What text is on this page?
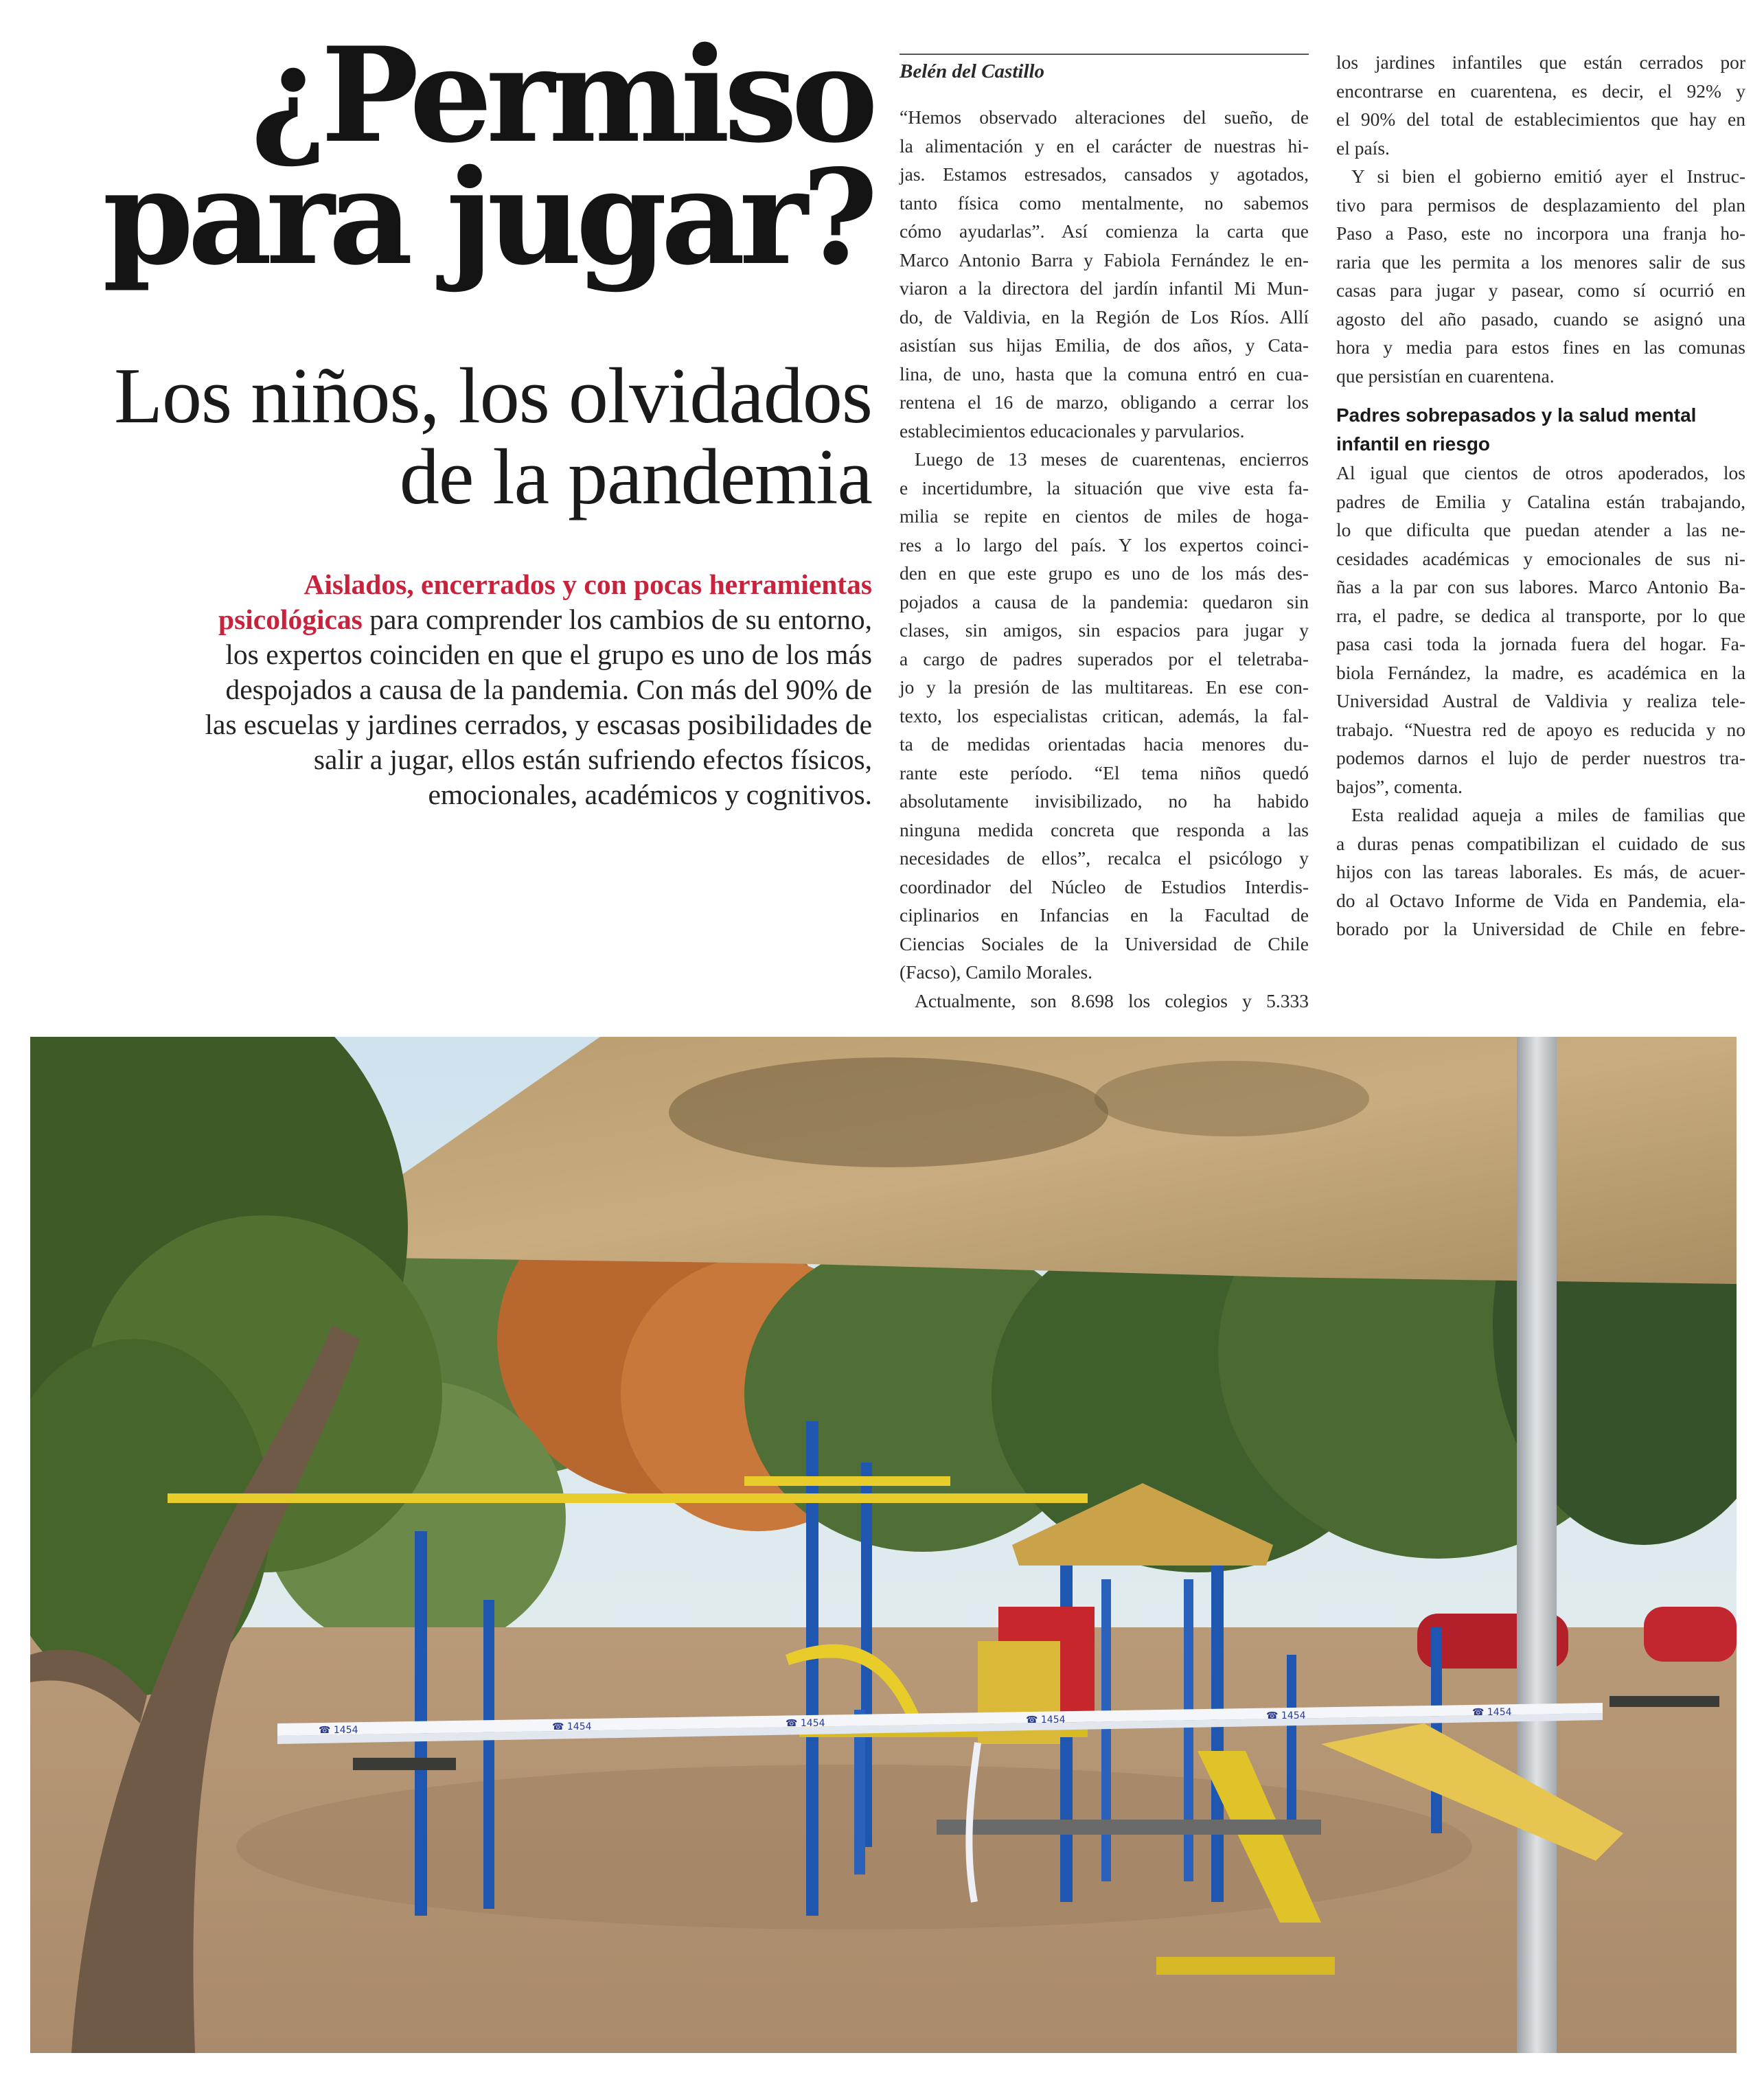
¿Permiso
para jugar?
Los niños, los olvidados
de la pandemia

Aislados, encerrados y con pocas herramientas
psicológicas para comprender los cambios de su entorno,
los expertos coinciden en que el grupo es uno de los más
despojados a causa de la pandemia. Con más del 90% de
las escuelas y jardines cerrados, y escasas posibilidades de
salir a jugar, ellos están sufriendo efectos físicos,
emocionales, académicos y cognitivos.

Belén del Castillo
“Hemos observado alteraciones del sueño, de
la alimentación y en el carácter de nuestras hi-
jas. Estamos estresados, cansados y agotados,
tanto física como mentalmente, no sabemos
cómo ayudarlas”. Así comienza la carta que
Marco Antonio Barra y Fabiola Fernández le en-
viaron a la directora del jardín infantil Mi Mun-
do, de Valdivia, en la Región de Los Ríos. Allí
asistían sus hijas Emilia, de dos años, y Cata-
lina, de uno, hasta que la comuna entró en cua-
rentena el 16 de marzo, obligando a cerrar los
establecimientos educacionales y parvularios.
Luego de 13 meses de cuarentenas, encierros
e incertidumbre, la situación que vive esta fa-
milia se repite en cientos de miles de hoga-
res a lo largo del país. Y los expertos coinci-
den en que este grupo es uno de los más des-
pojados a causa de la pandemia: quedaron sin
clases, sin amigos, sin espacios para jugar y
a cargo de padres superados por el teletraba-
jo y la presión de las multitareas. En ese con-
texto, los especialistas critican, además, la fal-
ta de medidas orientadas hacia menores du-
rante este período. “El tema niños quedó
absolutamente invisibilizado, no ha habido
ninguna medida concreta que responda a las
necesidades de ellos”, recalca el psicólogo y
coordinador del Núcleo de Estudios Interdis-
ciplinarios en Infancias en la Facultad de
Ciencias Sociales de la Universidad de Chile
(Facso), Camilo Morales.
Actualmente, son 8.698 los colegios y 5.333
los jardines infantiles que están cerrados por
encontrarse en cuarentena, es decir, el 92% y
el 90% del total de establecimientos que hay en
el país.
Y si bien el gobierno emitió ayer el Instruc-
tivo para permisos de desplazamiento del plan
Paso a Paso, este no incorpora una franja ho-
raria que les permita a los menores salir de sus
casas para jugar y pasear, como sí ocurrió en
agosto del año pasado, cuando se asignó una
hora y media para estos fines en las comunas
que persistían en cuarentena.
Padres sobrepasados y la salud mental
infantil en riesgo
Al igual que cientos de otros apoderados, los
padres de Emilia y Catalina están trabajando,
lo que dificulta que puedan atender a las ne-
cesidades académicas y emocionales de sus ni-
ñas a la par con sus labores. Marco Antonio Ba-
rra, el padre, se dedica al transporte, por lo que
pasa casi toda la jornada fuera del hogar. Fa-
biola Fernández, la madre, es académica en la
Universidad Austral de Valdivia y realiza tele-
trabajo. “Nuestra red de apoyo es reducida y no
podemos darnos el lujo de perder nuestros tra-
bajos”, comenta.
Esta realidad aqueja a miles de familias que
a duras penas compatibilizan el cuidado de sus
hijos con las tareas laborales. Es más, de acuer-
do al Octavo Informe de Vida en Pandemia, ela-
borado por la Universidad de Chile en febre-
☎ 1454	☎ 1454	☎ 1454	☎ 1454	☎ 1454	☎ 1454
